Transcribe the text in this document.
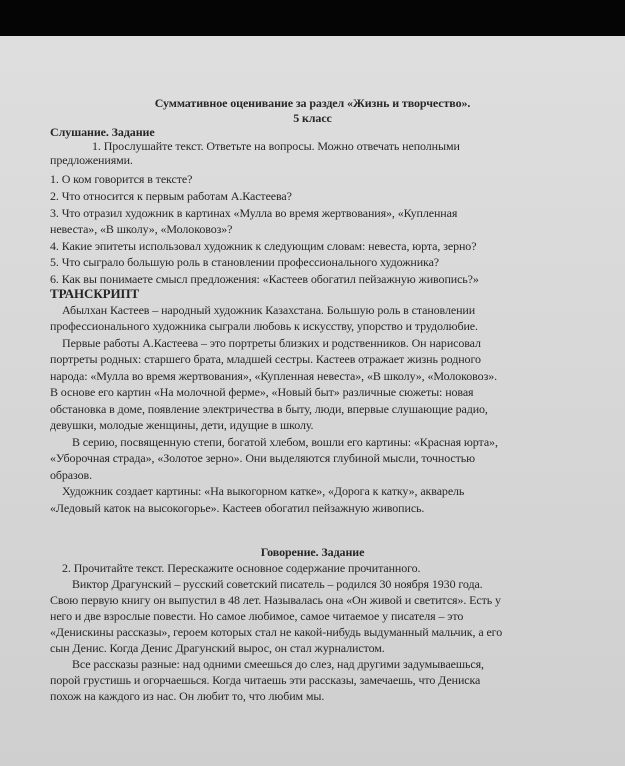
Суммативное оценивание за раздел «Жизнь и творчество».
5 класс
Слушание. Задание
1. Прослушайте текст. Ответьте на вопросы. Можно отвечать неполными
предложениями.
1. О ком говорится в тексте?
2. Что относится к первым работам А.Кастеева?
3. Что отразил художник в картинах «Мулла во время жертвования», «Купленная
невеста», «В школу», «Молоковоз»?
4. Какие эпитеты использовал художник к следующим словам: невеста, юрта, зерно?
5. Что сыграло большую роль в становлении профессионального художника?
6. Как вы понимаете смысл предложения: «Кастеев обогатил пейзажную живопись?»
ТРАНСКРИПТ
Абылхан Кастеев – народный художник Казахстана. Большую роль в становлении
профессионального художника сыграли любовь к искусству, упорство и трудолюбие.
Первые работы А.Кастеева – это портреты близких и родственников. Он нарисовал
портреты родных: старшего брата, младшей сестры. Кастеев отражает жизнь родного
народа: «Мулла во время жертвования», «Купленная невеста», «В школу», «Молоковоз».
В основе его картин «На молочной ферме», «Новый быт» различные сюжеты: новая
обстановка в доме, появление электричества в быту, люди, впервые слушающие радио,
девушки, молодые женщины, дети, идущие в школу.
В серию, посвященную степи, богатой хлебом, вошли его картины: «Красная юрта»,
«Уборочная страда», «Золотое зерно». Они выделяются глубиной мысли, точностью
образов.
Художник создает картины: «На выкогорном катке», «Дорога к катку», акварель
«Ледовый каток на высокогорье». Кастеев обогатил пейзажную живопись.
Говорение. Задание
2. Прочитайте текст. Перескажите основное содержание прочитанного.
Виктор Драгунский – русский советский писатель – родился 30 ноября 1930 года.
Свою первую книгу он выпустил в 48 лет. Называлась она «Он живой и светится». Есть у
него и две взрослые повести. Но самое любимое, самое читаемое у писателя – это
«Денискины рассказы», героем которых стал не какой-нибудь выдуманный мальчик, а его
сын Денис. Когда Денис Драгунский вырос, он стал журналистом.
Все рассказы разные: над одними смеешься до слез, над другими задумываешься,
порой грустишь и огорчаешься. Когда читаешь эти рассказы, замечаешь, что Дениска
похож на каждого из нас. Он любит то, что любим мы.
